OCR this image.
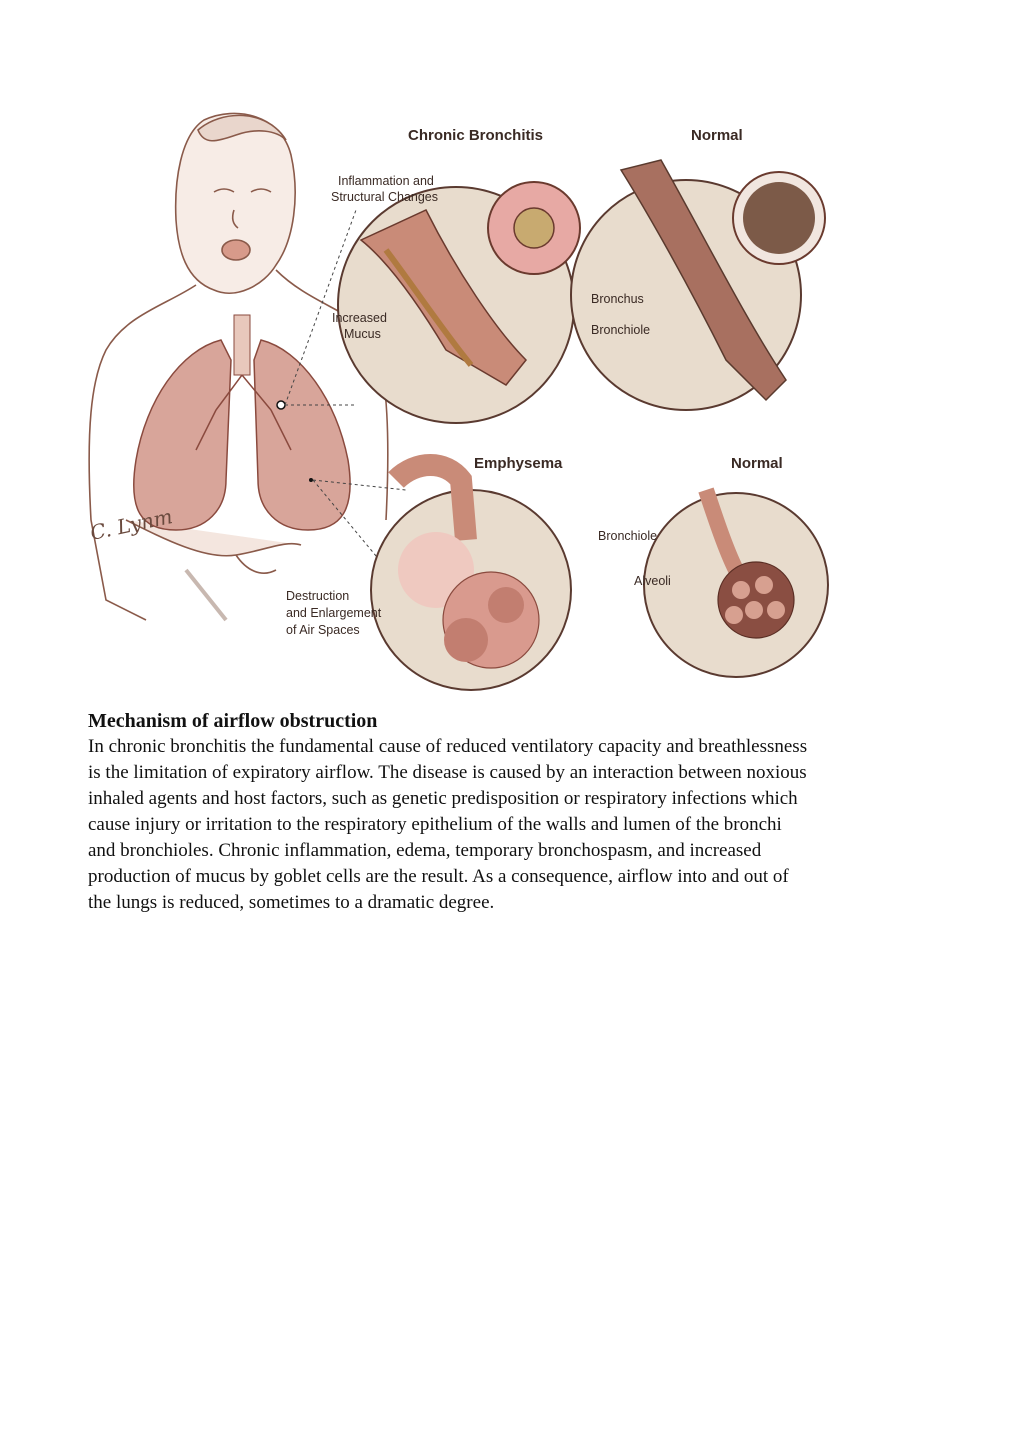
Chronic Bronchitis
Inflammation and
Structural Changes
Increased
Mucus
Normal
Bronchus
Bronchiole
Emphysema
Destruction
and Enlargement
of Air Spaces
Normal
Bronchiole
Alveoli
C. Lynm
Mechanism of airflow obstruction

In chronic bronchitis the fundamental cause of reduced ventilatory capacity and breathlessness
is the limitation of expiratory airflow. The disease is caused by an interaction between noxious
inhaled agents and host factors, such as genetic predisposition or respiratory infections which
cause injury or irritation to the respiratory epithelium of the walls and lumen of the bronchi
and bronchioles. Chronic inflammation, edema, temporary bronchospasm, and increased
production of mucus by goblet cells are the result. As a consequence, airflow into and out of
the lungs is reduced, sometimes to a dramatic degree.
